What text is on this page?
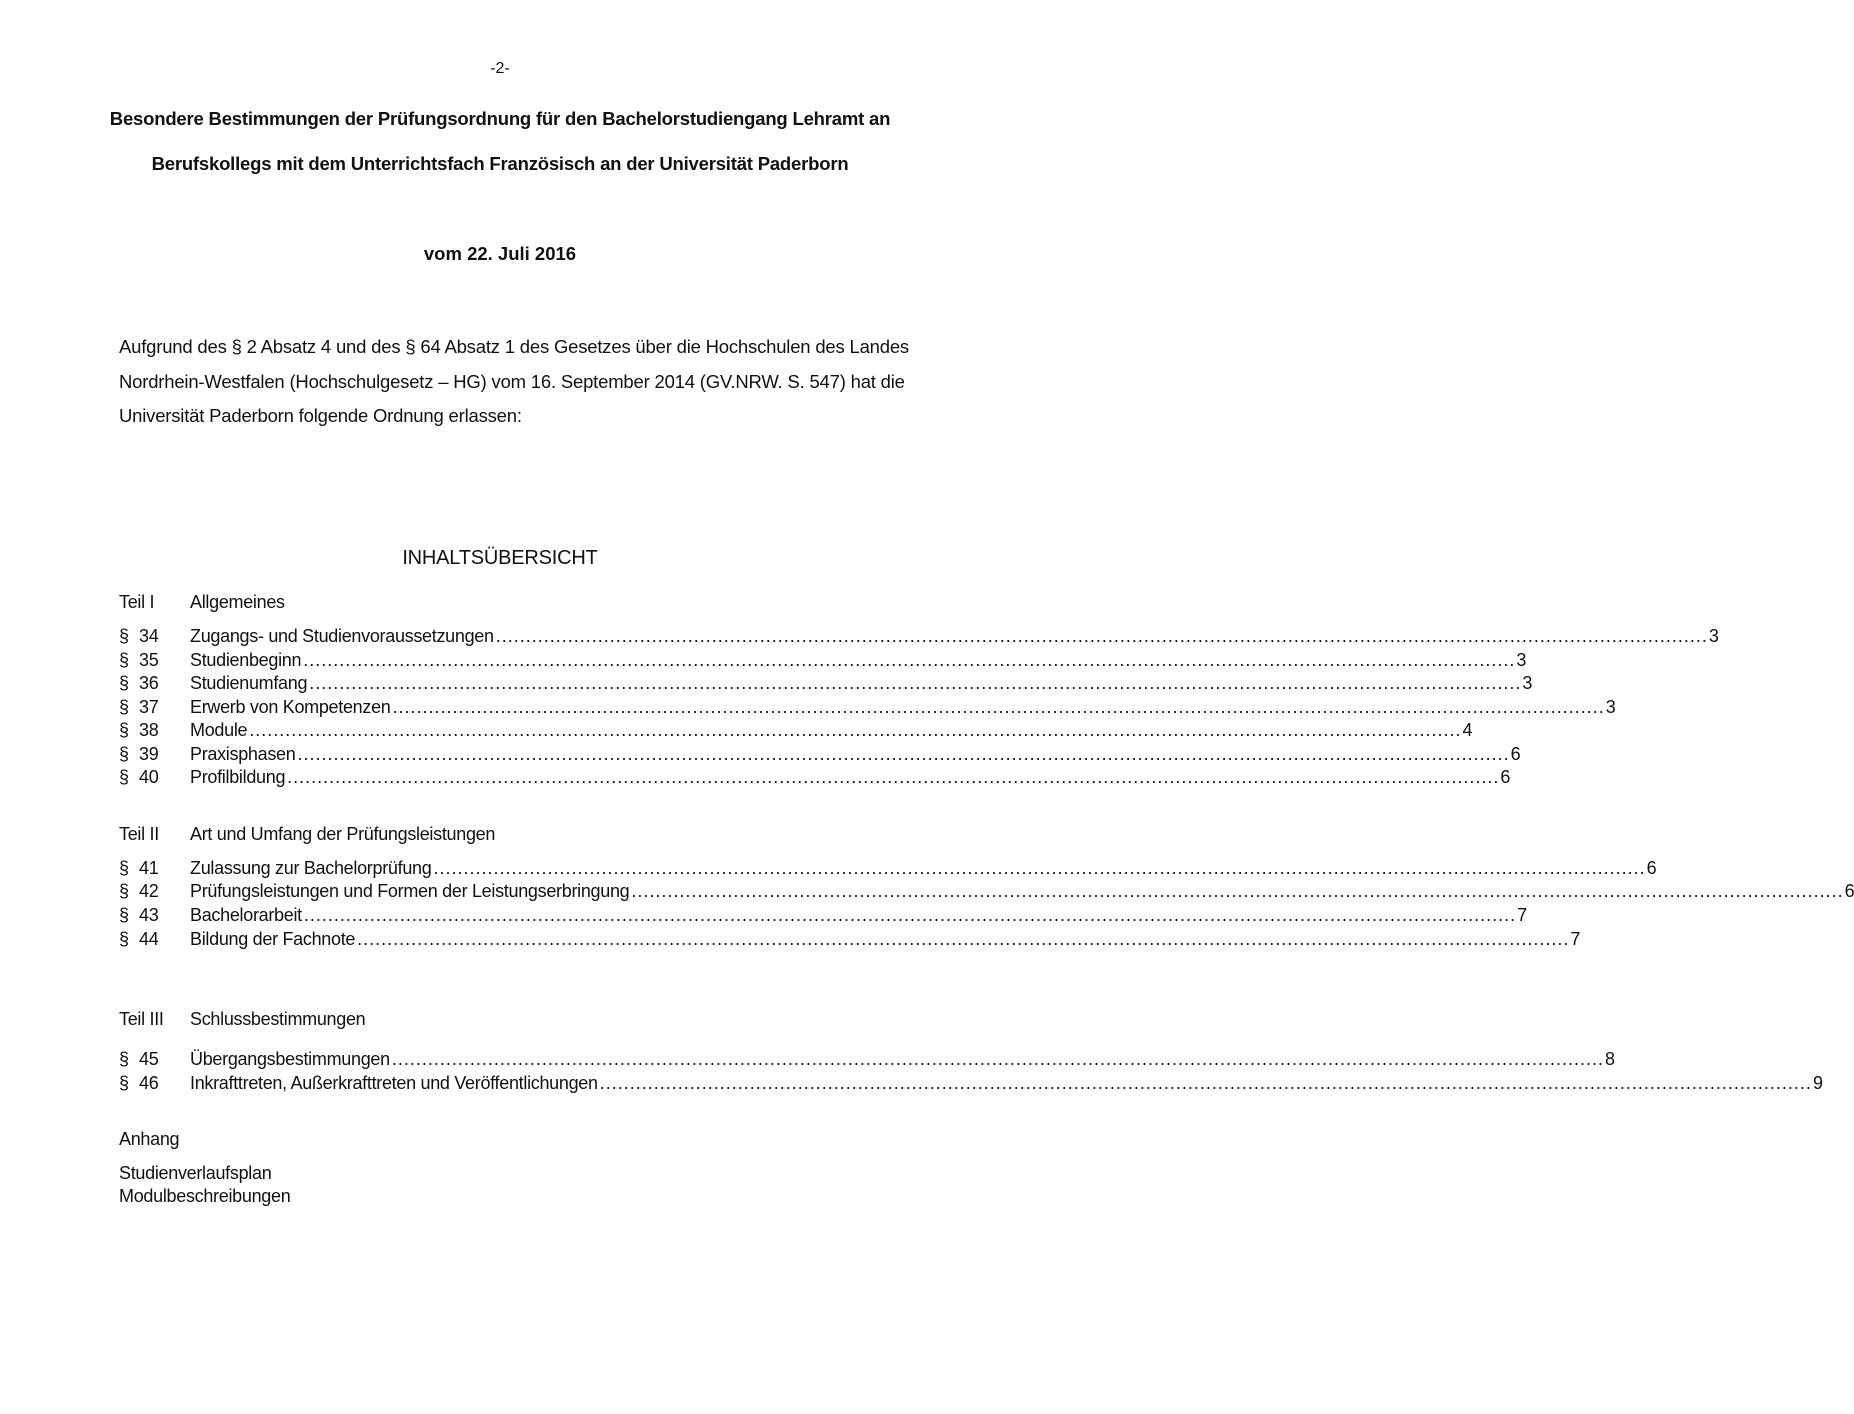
-2-
Besondere Bestimmungen der Prüfungsordnung für den Bachelorstudiengang Lehramt an
Berufskollegs mit dem Unterrichtsfach Französisch an der Universität Paderborn
vom 22. Juli 2016
Aufgrund des § 2 Absatz 4 und des § 64 Absatz 1 des Gesetzes über die Hochschulen des Landes
Nordrhein-Westfalen (Hochschulgesetz – HG) vom 16. September 2014 (GV.NRW. S. 547) hat die
Universität Paderborn folgende Ordnung erlassen:
INHALTSÜBERSICHT
Teil I Allgemeines
§ 34 Zugangs- und Studienvoraussetzungen .......................................................................................................................................................................................................... 3
§ 35 Studienbeginn .......................................................................................................................................................................................................... 3
§ 36 Studienumfang .......................................................................................................................................................................................................... 3
§ 37 Erwerb von Kompetenzen .......................................................................................................................................................................................................... 3
§ 38 Module .......................................................................................................................................................................................................... 4
§ 39 Praxisphasen .......................................................................................................................................................................................................... 6
§ 40 Profilbildung .......................................................................................................................................................................................................... 6
Teil II Art und Umfang der Prüfungsleistungen
§ 41 Zulassung zur Bachelorprüfung .......................................................................................................................................................................................................... 6
§ 42 Prüfungsleistungen und Formen der Leistungserbringung .......................................................................................................................................................................................................... 6
§ 43 Bachelorarbeit .......................................................................................................................................................................................................... 7
§ 44 Bildung der Fachnote .......................................................................................................................................................................................................... 7
Teil III Schlussbestimmungen
§ 45 Übergangsbestimmungen .......................................................................................................................................................................................................... 8
§ 46 Inkrafttreten, Außerkrafttreten und Veröffentlichungen .......................................................................................................................................................................................................... 9
Anhang
Studienverlaufsplan
Modulbeschreibungen
